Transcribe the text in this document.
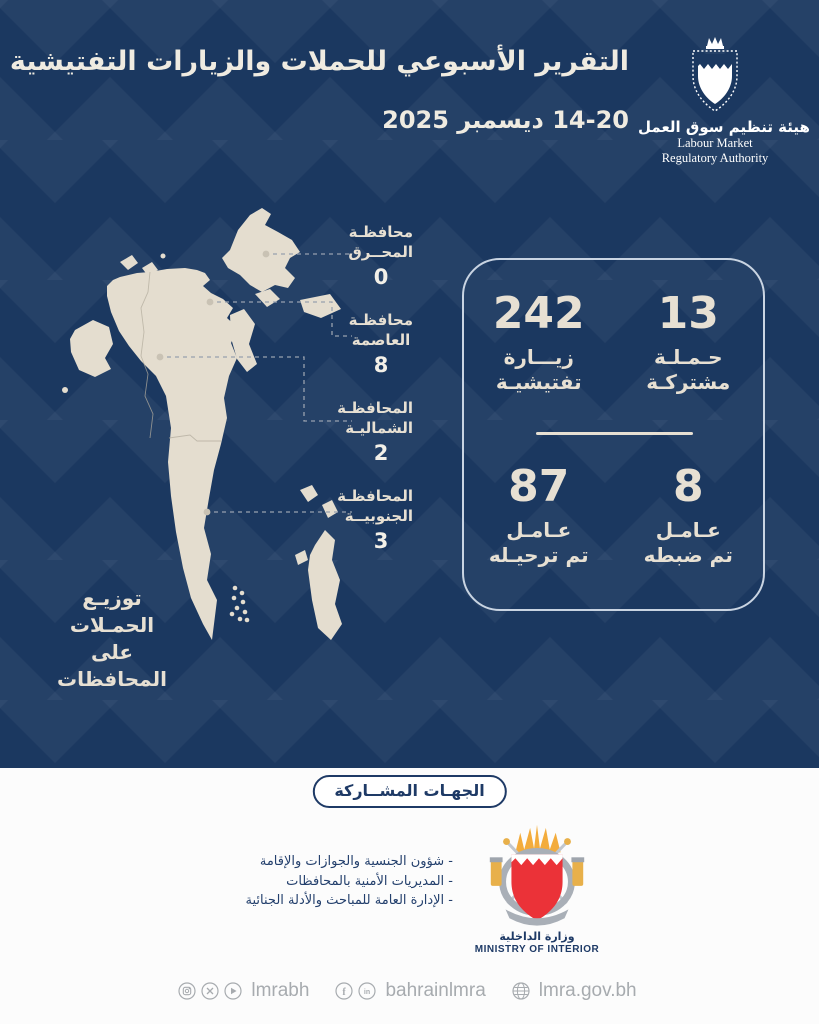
التقرير الأسبوعي للحملات والزيارات التفتيشية
14-20 ديسمبر 2025 هيئة تنظيم سوق العمل
Labour Market
Regulatory Authority
محافظـة
المحــرق
0
محافظـة
العاصمة
8
المحافظـة
الشماليـة
2
المحافظـة
الجنوبيــة
3
توزيـع الحمـلات
على المحافظات
13
حـمـلـة
مشتركـة
242
زيـــارة
تفتيشيـة
8
عـامـل
تم ضبطه
87
عـامـل
تم ترحيـله
الجهـات المشــاركة
- شؤون الجنسية والجوازات والإقامة
- المديريات الأمنية بالمحافظات
- الإدارة العامة للمباحث والأدلة الجنائية
وزارة الداخلية
MINISTRY OF INTERIOR
lmrabh	f	in bahrainlmra	lmra.gov.bh
